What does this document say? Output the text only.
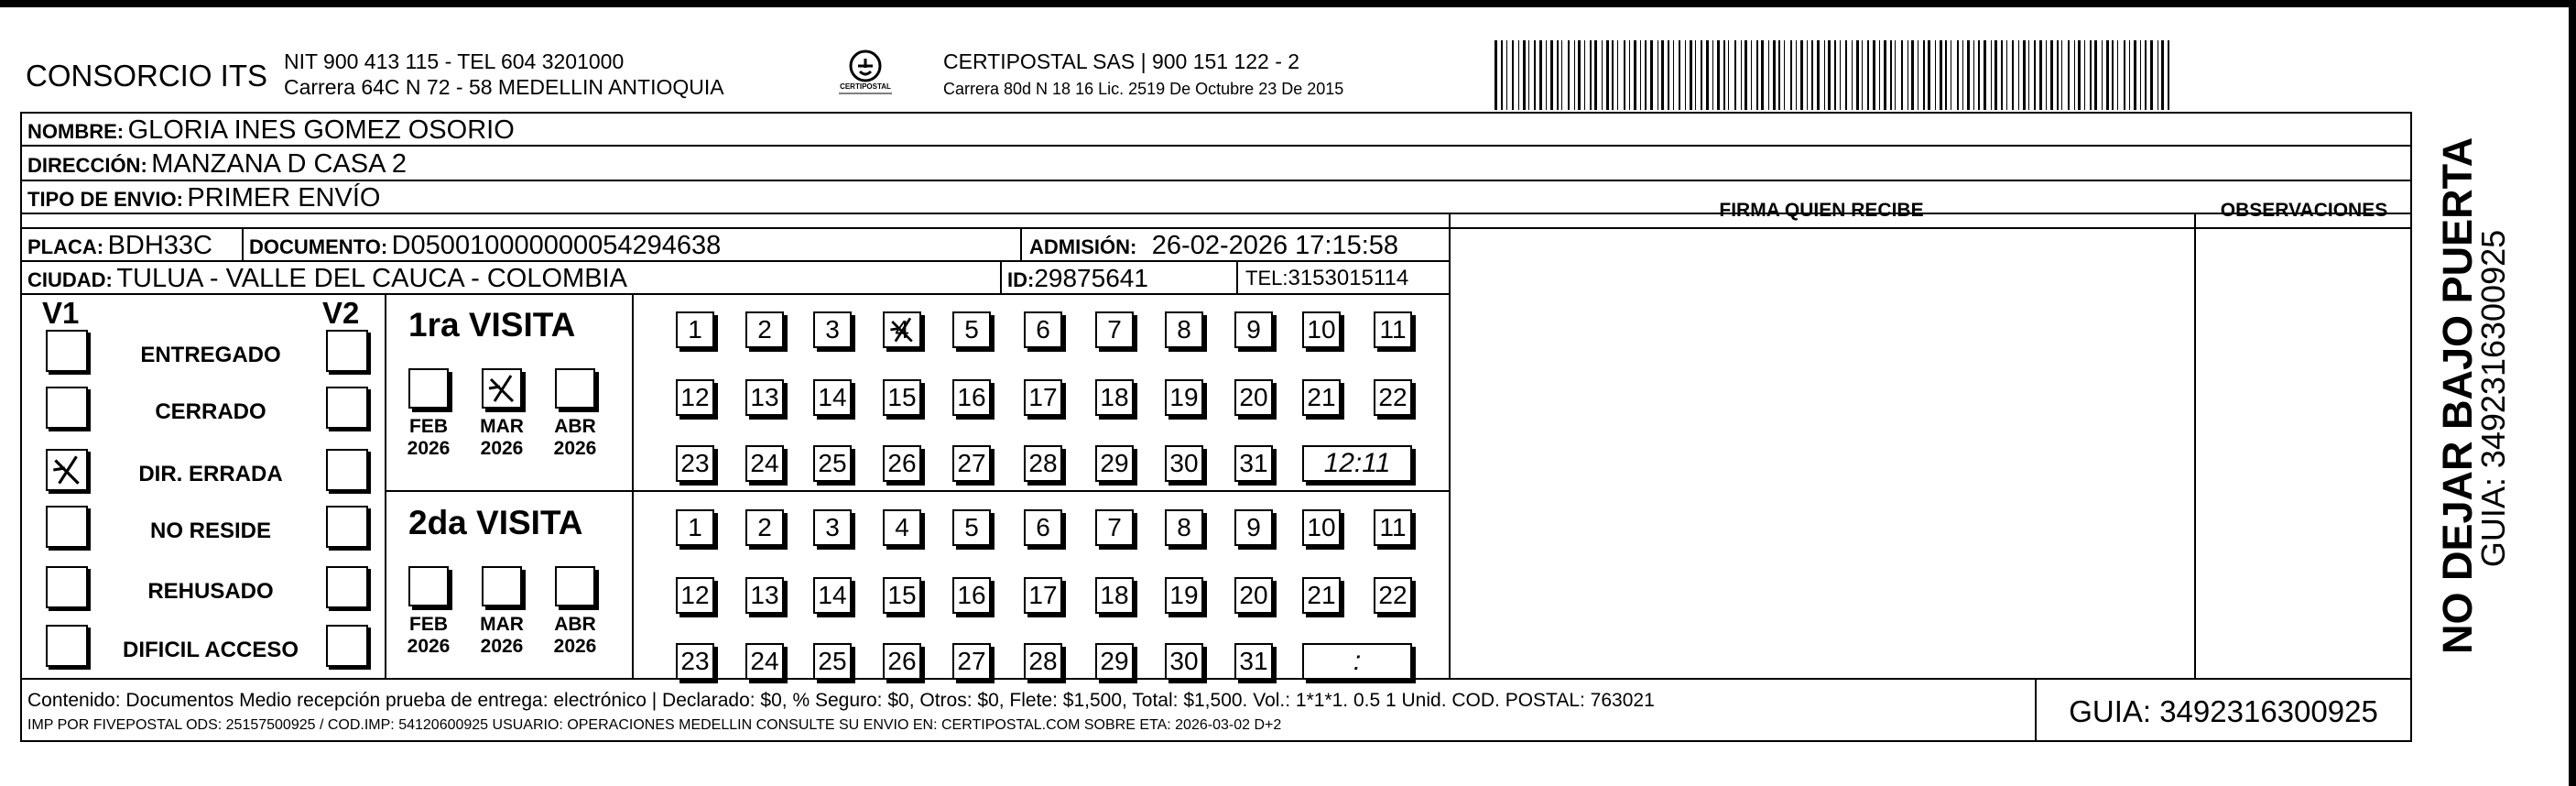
CONSORCIO ITS NIT 900 413 115 - TEL 604 3201000
Carrera 64C N 72 - 58 MEDELLIN ANTIOQUIA	CERTIPOSTAL
CERTIPOSTAL SAS | 900 151 122 - 2
Carrera 80d N 18 16 Lic. 2519 De Octubre 23 De 2015
NOMBRE: GLORIA INES GOMEZ OSORIO
DIRECCIÓN: MANZANA D CASA 2
TIPO DE ENVIO: PRIMER ENVÍO	FIRMA QUIEN RECIBE	OBSERVACIONES
PLACA: BDH33C DOCUMENTO: D050010000000054294638	ADMISIÓN: 26-02-2026 17:15:58
CIUDAD: TULUA - VALLE DEL CAUCA - COLOMBIA	ID:29875641	TEL:3153015114
V1	V2
ENTREGADO
CERRADO
DIR. ERRADA
NO RESIDE
REHUSADO
DIFICIL ACCESO
1ra VISITA
FEB
2026
MAR
2026
ABR
2026
1 2 3 4 5 6 7 8 9 10 11
12 13 14 15 16 17 18 19 20 21 22
23 24 25 26 27 28 29 30 31 12:11
2da VISITA
FEB
2026
MAR
2026
ABR
2026
1 2 3 4 5 6 7 8 9 10 11
12 13 14 15 16 17 18 19 20 21 22
23 24 25 26 27 28 29 30 31	:
Contenido: Documentos Medio recepción prueba de entrega: electrónico | Declarado: $0, % Seguro: $0, Otros: $0, Flete: $1,500, Total: $1,500. Vol.: 1*1*1. 0.5 1 Unid. COD. POSTAL: 763021
IMP POR FIVEPOSTAL ODS: 25157500925 / COD.IMP: 54120600925 USUARIO: OPERACIONES MEDELLIN CONSULTE SU ENVIO EN: CERTIPOSTAL.COM SOBRE ETA: 2026-03-02 D+2	GUIA: 3492316300925
NO DEJAR BAJO PUERTA
GUIA: 3492316300925
